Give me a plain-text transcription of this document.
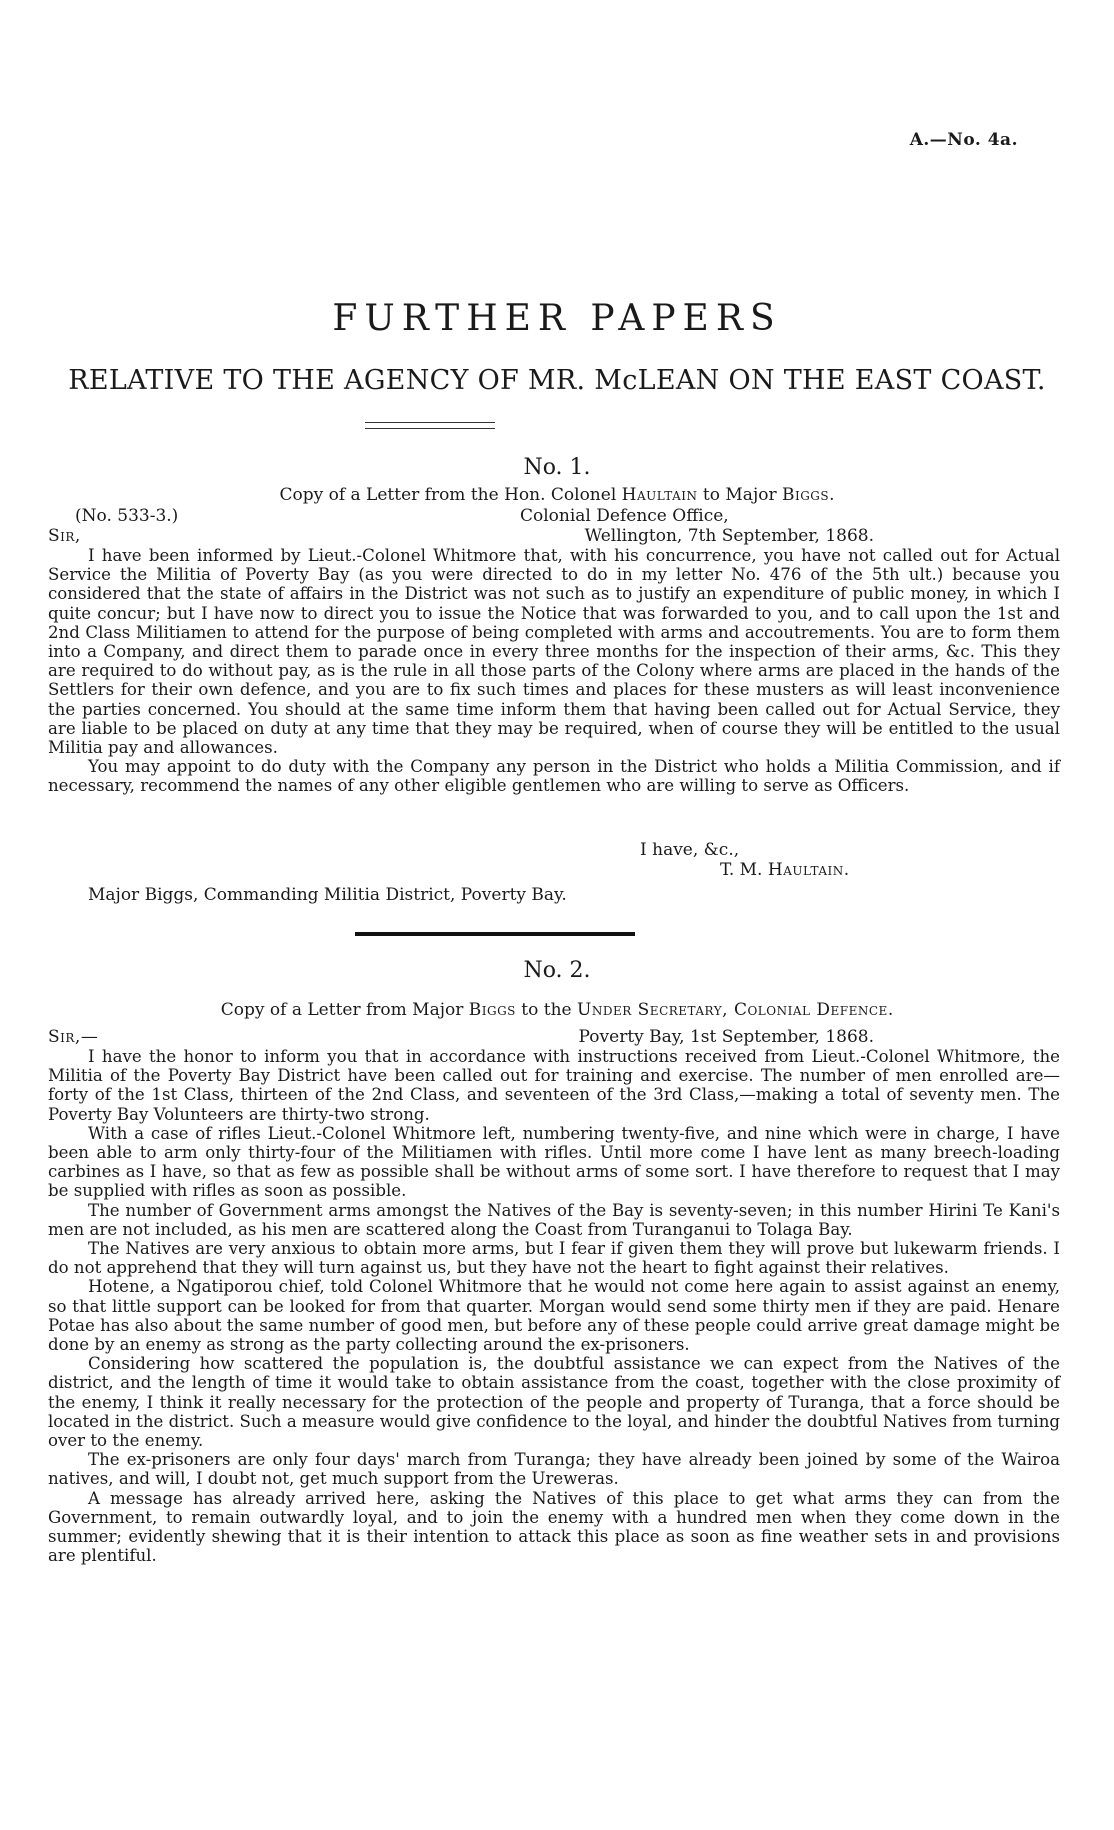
A.—No. 4a.
FURTHER PAPERS
RELATIVE TO THE AGENCY OF MR. McLEAN ON THE EAST COAST.
No. 1.
Copy of a Letter from the Hon. Colonel Haultain to Major Biggs.
(No. 533-3.)	Colonial Defence Office,
Sir,	Wellington, 7th September, 1868.

I have been informed by Lieut.-Colonel Whitmore that, with his concurrence, you have not called out for Actual Service the Militia of Poverty Bay (as you were directed to do in my letter No. 476 of the 5th ult.) because you considered that the state of affairs in the District was not such as to justify an expenditure of public money, in which I quite concur; but I have now to direct you to issue the Notice that was forwarded to you, and to call upon the 1st and 2nd Class Militiamen to attend for the purpose of being completed with arms and accoutrements. You are to form them into a Company, and direct them to parade once in every three months for the inspection of their arms, &c. This they are required to do without pay, as is the rule in all those parts of the Colony where arms are placed in the hands of the Settlers for their own defence, and you are to fix such times and places for these musters as will least inconvenience the parties concerned. You should at the same time inform them that having been called out for Actual Service, they are liable to be placed on duty at any time that they may be required, when of course they will be entitled to the usual Militia pay and allowances.

You may appoint to do duty with the Company any person in the District who holds a Militia Commission, and if necessary, recommend the names of any other eligible gentlemen who are willing to serve as Officers.

I have, &c.,
T. M. Haultain.
Major Biggs, Commanding Militia District, Poverty Bay.
No. 2.
Copy of a Letter from Major Biggs to the Under Secretary, Colonial Defence.
Sir,—	Poverty Bay, 1st September, 1868.

I have the honor to inform you that in accordance with instructions received from Lieut.-Colonel Whitmore, the Militia of the Poverty Bay District have been called out for training and exercise. The number of men enrolled are—forty of the 1st Class, thirteen of the 2nd Class, and seventeen of the 3rd Class,—making a total of seventy men. The Poverty Bay Volunteers are thirty-two strong.

With a case of rifles Lieut.-Colonel Whitmore left, numbering twenty-five, and nine which were in charge, I have been able to arm only thirty-four of the Militiamen with rifles. Until more come I have lent as many breech-loading carbines as I have, so that as few as possible shall be without arms of some sort. I have therefore to request that I may be supplied with rifles as soon as possible.

The number of Government arms amongst the Natives of the Bay is seventy-seven; in this number Hirini Te Kani's men are not included, as his men are scattered along the Coast from Turanganui to Tolaga Bay.

The Natives are very anxious to obtain more arms, but I fear if given them they will prove but lukewarm friends. I do not apprehend that they will turn against us, but they have not the heart to fight against their relatives.

Hotene, a Ngatiporou chief, told Colonel Whitmore that he would not come here again to assist against an enemy, so that little support can be looked for from that quarter. Morgan would send some thirty men if they are paid. Henare Potae has also about the same number of good men, but before any of these people could arrive great damage might be done by an enemy as strong as the party collecting around the ex-prisoners.

Considering how scattered the population is, the doubtful assistance we can expect from the Natives of the district, and the length of time it would take to obtain assistance from the coast, together with the close proximity of the enemy, I think it really necessary for the protection of the people and property of Turanga, that a force should be located in the district. Such a measure would give confidence to the loyal, and hinder the doubtful Natives from turning over to the enemy.

The ex-prisoners are only four days' march from Turanga; they have already been joined by some of the Wairoa natives, and will, I doubt not, get much support from the Ureweras.

A message has already arrived here, asking the Natives of this place to get what arms they can from the Government, to remain outwardly loyal, and to join the enemy with a hundred men when they come down in the summer; evidently shewing that it is their intention to attack this place as soon as fine weather sets in and provisions are plentiful.
